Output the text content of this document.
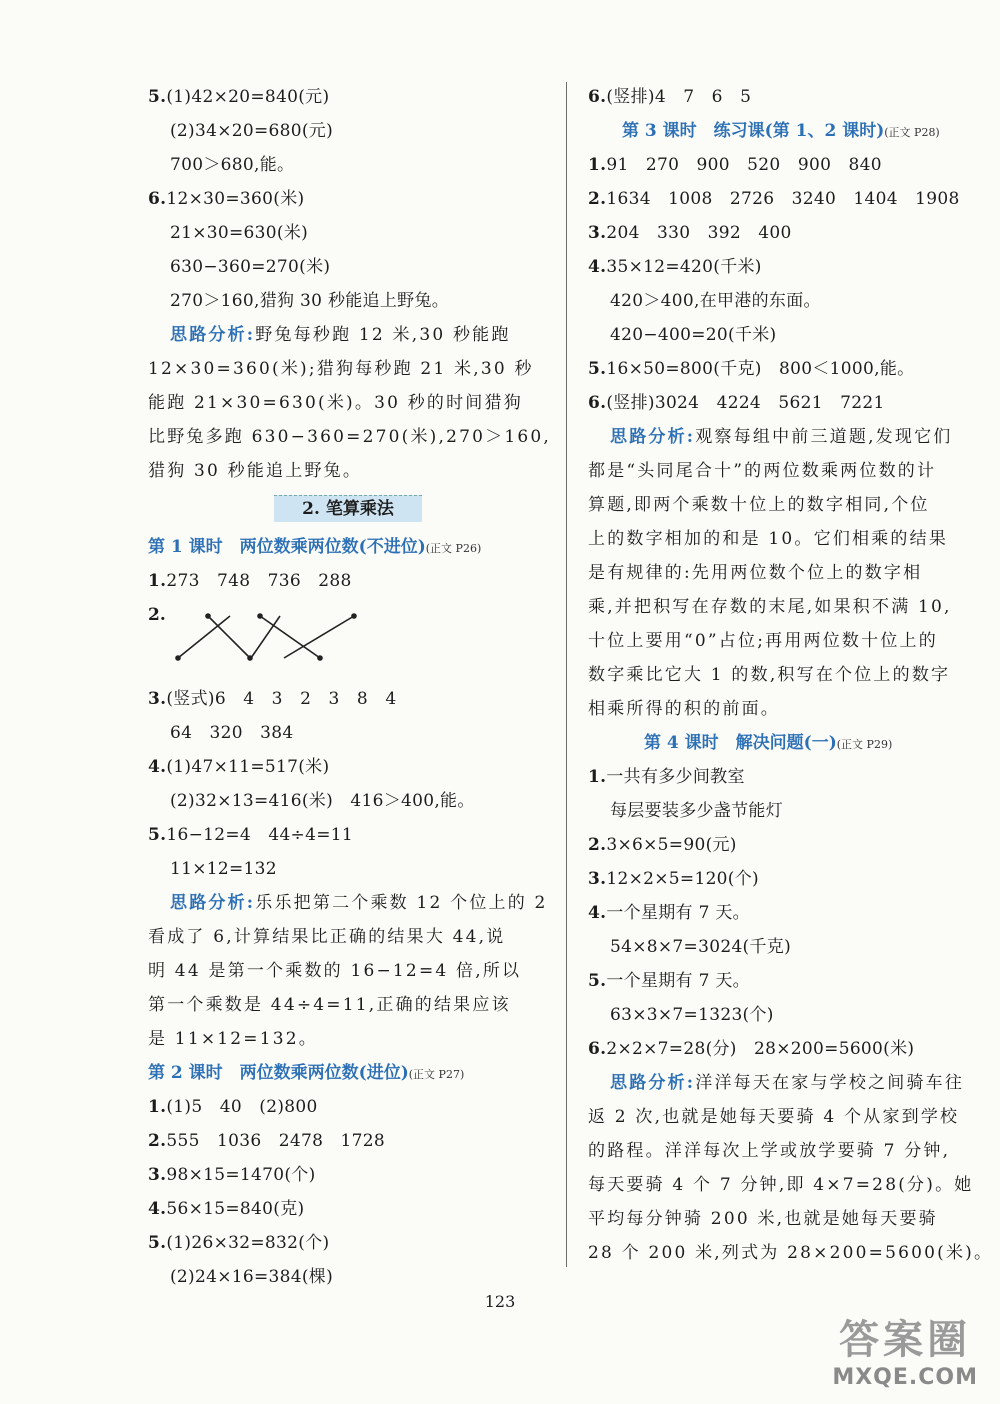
5.(1)42×20=840(元)
(2)34×20=680(元)
700＞680,能。
6.12×30=360(米)
21×30=630(米)
630−360=270(米)
270＞160,猎狗 30 秒能追上野兔。
思路分析:野兔每秒跑 12 米,30 秒能跑
12×30=360(米);猎狗每秒跑 21 米,30 秒
能跑 21×30=630(米)。30 秒的时间猎狗
比野兔多跑 630−360=270(米),270＞160,
猎狗 30 秒能追上野兔。
2. 笔算乘法
第 1 课时　两位数乘两位数(不进位)(正文 P26)
1.273　748　736　288
2.
3.(竖式)6　4　3　2　3　8　4
64　320　384
4.(1)47×11=517(米)
(2)32×13=416(米)　416＞400,能。
5.16−12=4　44÷4=11
11×12=132
思路分析:乐乐把第二个乘数 12 个位上的 2
看成了 6,计算结果比正确的结果大 44,说
明 44 是第一个乘数的 16−12=4 倍,所以
第一个乘数是 44÷4=11,正确的结果应该
是 11×12=132。
第 2 课时　两位数乘两位数(进位)(正文 P27)
1.(1)5　40　(2)800
2.555　1036　2478　1728
3.98×15=1470(个)
4.56×15=840(克)
5.(1)26×32=832(个)
(2)24×16=384(棵)
6.(竖排)4　7　6　5
第 3 课时　练习课(第 1、2 课时)(正文 P28)
1.91　270　900　520　900　840
2.1634　1008　2726　3240　1404　1908
3.204　330　392　400
4.35×12=420(千米)
420＞400,在甲港的东面。
420−400=20(千米)
5.16×50=800(千克)　800＜1000,能。
6.(竖排)3024　4224　5621　7221
思路分析:观察每组中前三道题,发现它们
都是“头同尾合十”的两位数乘两位数的计
算题,即两个乘数十位上的数字相同,个位
上的数字相加的和是 10。它们相乘的结果
是有规律的:先用两位数个位上的数字相
乘,并把积写在存数的末尾,如果积不满 10,
十位上要用“0”占位;再用两位数十位上的
数字乘比它大 1 的数,积写在个位上的数字
相乘所得的积的前面。
第 4 课时　解决问题(一)(正文 P29)
1.一共有多少间教室
每层要装多少盏节能灯
2.3×6×5=90(元)
3.12×2×5=120(个)
4.一个星期有 7 天。
54×8×7=3024(千克)
5.一个星期有 7 天。
63×3×7=1323(个)
6.2×2×7=28(分)　28×200=5600(米)
思路分析:洋洋每天在家与学校之间骑车往
返 2 次,也就是她每天要骑 4 个从家到学校
的路程。洋洋每次上学或放学要骑 7 分钟,
每天要骑 4 个 7 分钟,即 4×7=28(分)。她
平均每分钟骑 200 米,也就是她每天要骑
28 个 200 米,列式为 28×200=5600(米)。
123
答案圈
MXQE.COM
